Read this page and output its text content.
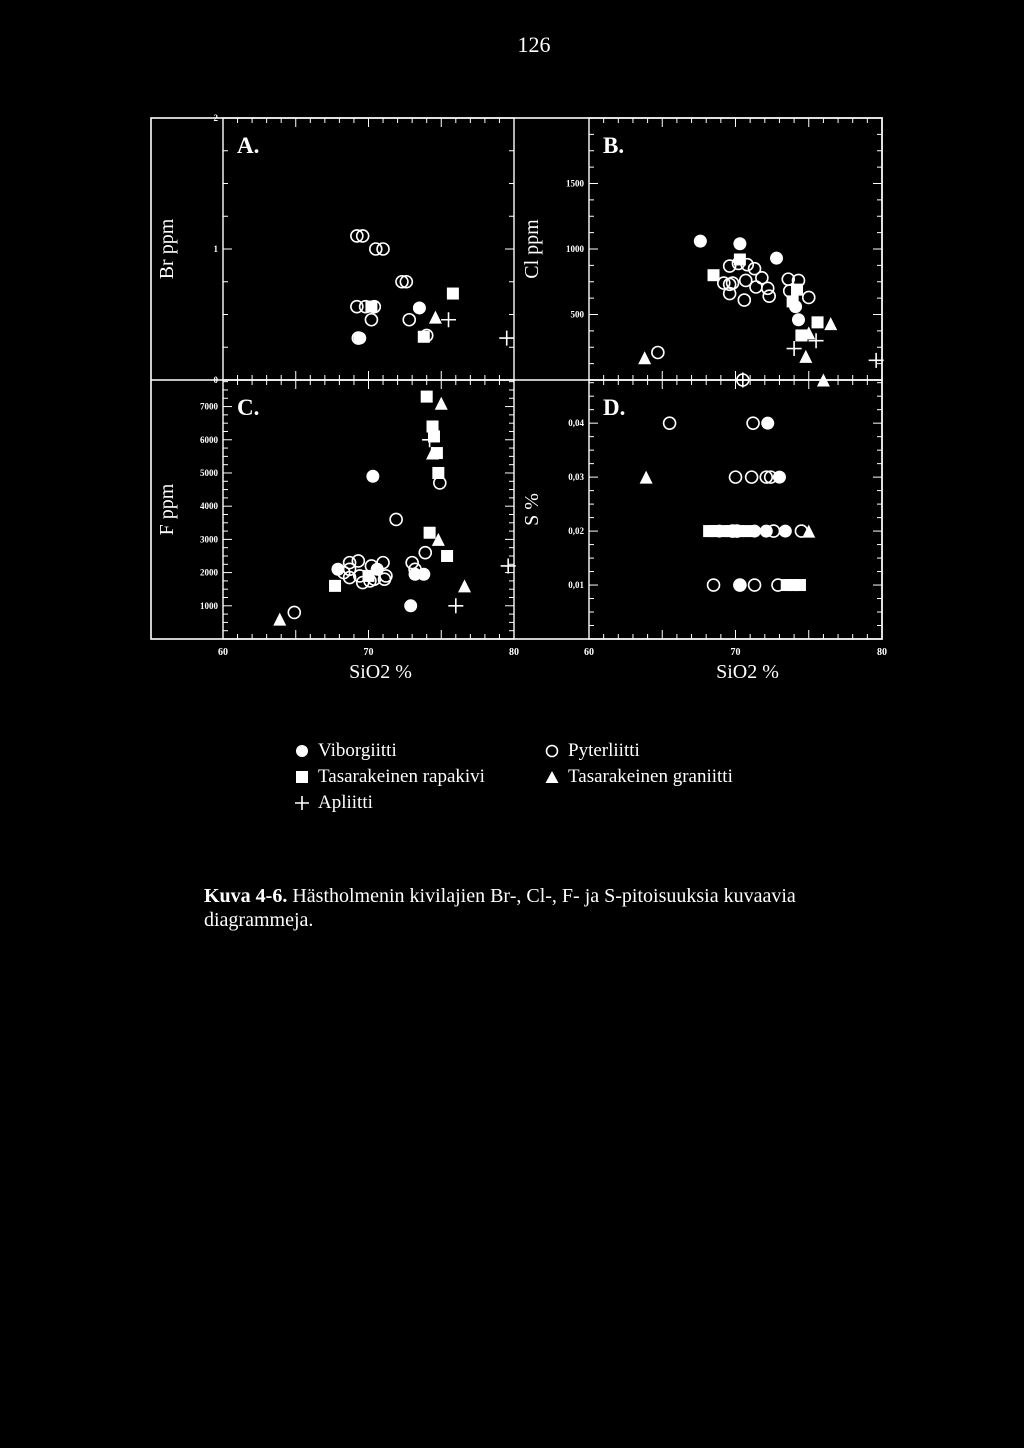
126
0
1
2
A.
Br ppm
500
1000
1500
B.
Cl ppm
1000
2000
3000
4000
5000
6000
7000
60	70	80
C.
F ppm
SiO2 %
0,01
0,02
0,03
0,04
60	70	80
D.
S %
SiO2 %
Viborgiitti
Tasarakeinen rapakivi
Apliitti
Pyterliitti
Tasarakeinen graniitti
Kuva 4-6. Hästholmenin kivilajien Br-, Cl-, F- ja S-pitoisuuksia kuvaavia diagrammeja.
